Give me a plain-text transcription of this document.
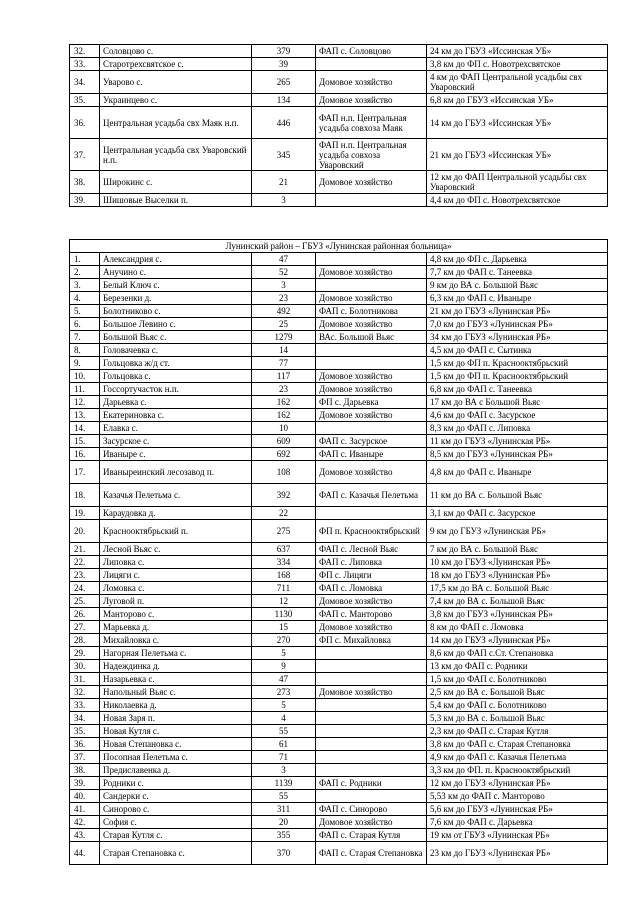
32.	Соловцово с.	379	ФАП с. Соловцово	24 км до ГБУЗ «Иссинская УБ»
33.	Старотрехсвятское с.	39		3,8 км до ФП с. Новотрехсвятское
34.	Уварово с.	265	Домовое хозяйство	4 км до ФАП Центральной усадьбы свх Уваровский
35.	Украинцево с.	134	Домовое хозяйство	6,8 км до ГБУЗ «Иссинская УБ»
36.	Центральная усадьба свх Маяк н.п.	446	ФАП н.п. Центральная усадьба совхоза Маяк	14 км до ГБУЗ «Иссинская УБ»
37.	Центральная усадьба свх Уваровский н.п.	345	ФАП н.п. Центральная усадьба совхоза Уваровский	21 км до ГБУЗ «Иссинская УБ»
38.	Широкинс с.	21	Домовое хозяйство	12 км до ФАП Центральной усадьбы свх Уваровский
39.	Шишовые Выселки п.	3		4,4 км до ФП с. Новотрехсвятское
Лунинский район – ГБУЗ «Лунинская районная больница»				
1.	Александрия с.	47		4,8 км до ФП с. Дарьевка
2.	Анучино с.	52	Домовое хозяйство	7,7 км до ФАП с. Танеевка
3.	Белый Ключ с.	3		9 км до ВА с. Большой Вьяс
4.	Березенки д.	23	Домовое хозяйство	6,3 км до ФАП с. Иваныре
5.	Болотниково с.	492	ФАП с. Болотникова	21 км до ГБУЗ «Лунинская РБ»
6.	Большое Левино с.	25	Домовое хозяйство	7,0 км до ГБУЗ «Лунинская РБ»
7.	Большой Вьяс с.	1279	ВАс. Большой Вьяс	34 км до ГБУЗ «Лунинская РБ»
8.	Головачевка с.	14		4,5 км до ФАП с. Сытинка
9.	Гольцовка ж/д ст.	77		1,5 км до ФП п. Краснооктябрьский
10.	Гольцовка с.	117	Домовое хозяйство	1,5 км до ФП п. Краснооктябрьский
11.	Госсортучасток н.п.	23	Домовое хозяйство	6,8 км до ФАП с. Танеевка
12.	Дарьевка с.	162	ФП с. Дарьевка	17 км до ВА с Большой Вьяс
13.	Екатериновка с.	162	Домовое хозяйство	4,6 км до ФАП с. Засурское
14.	Елавка с.	10		8,3 км до ФАП с. Липовка
15.	Засурское с.	609	ФАП с. Засурское	11 км до ГБУЗ «Лунинская РБ»
16.	Иваныре с.	692	ФАП с. Иваныре	8,5 км до ГБУЗ «Лунинская РБ»
17.	Иваныреинский лесозавод п.	108	Домовое хозяйство	4,8 км до ФАП с. Иваныре
18.	Казачья Пелетьма с.	392	ФАП с. Казачья Пелетьма	11 км до ВА с. Большой Вьяс
19.	Караудовка д.	22		3,1 км до ФАП с. Засурское
20.	Краснооктябрьский п.	275	ФП п. Краснооктябрьский	9 км до ГБУЗ «Лунинская РБ»
21.	Лесной Вьяс с.	637	ФАП с. Лесной Вьяс	7 км до ВА с. Большой Вьяс
22.	Липовка с.	334	ФАП с. Липовка	10 км до ГБУЗ «Лунинская РБ»
23.	Лицяги с.	168	ФП с. Лицяги	18 км до ГБУЗ «Лунинская РБ»
24.	Ломовка с.	711	ФАП с. Ломовка	17,5 км до ВА с. Большой Вьяс
25.	Луговой п.	12	Домовое хозяйство	7,4 км до ВА с. Большой Вьяс
26.	Манторово с.	1130	ФАП с. Манторово	3,8 км до ГБУЗ «Лунинская РБ»
27.	Марьевка д.	15	Домовое хозяйство	8 км до ФАП с. Ломовка
28.	Михайловка с.	270	ФП с. Михайловка	14 км до ГБУЗ «Лунинская РБ»
29.	Нагорная Пелетьма с.	5		8,6 км до ФАП с.Ст. Степановка
30.	Надеждинка д.	9		13 км до ФАП с. Родники
31.	Назарьевка с.	47		1,5 км до ФАП с. Болотниково
32.	Напольный Вьяс с.	273	Домовое хозяйство	2,5 км до ВА с. Большой Вьяс
33.	Николаевка д.	5		5,4 км до ФАП с. Болотниково
34.	Новая Заря п.	4		5,3 км до ВА с. Большой Вьяс
35.	Новая Кутля с.	55		2,3 км до ФАП с. Старая Кутля
36.	Новая Степановка с.	61		3,8 км до ФАП с. Старая Степановка
37.	Посопная Пелетьма с.	71		4,9 км до ФАП с. Казачья Пелетьма
38.	Предиславенка д.	3		3,3 км до ФП. п. Краснооктябрьский
39.	Родники с.	1139	ФАП с. Родники	12 км до ГБУЗ «Лунинская РБ»
40.	Сандерки с.	55		5,53 км до ФАП с. Манторово
41.	Синорово с.	311	ФАП с. Синорово	5,6 км до ГБУЗ «Лунинская РБ»
42.	София с.	20	Домовое хозяйство	7,6 км до ФАП с. Дарьевка
43.	Старая Кутля с.	355	ФАП с. Старая Кутля	19 км от ГБУЗ «Лунинская РБ»
44.	Старая Степановка с.	370	ФАП с. Старая Степановка	23 км до ГБУЗ «Лунинская РБ»
